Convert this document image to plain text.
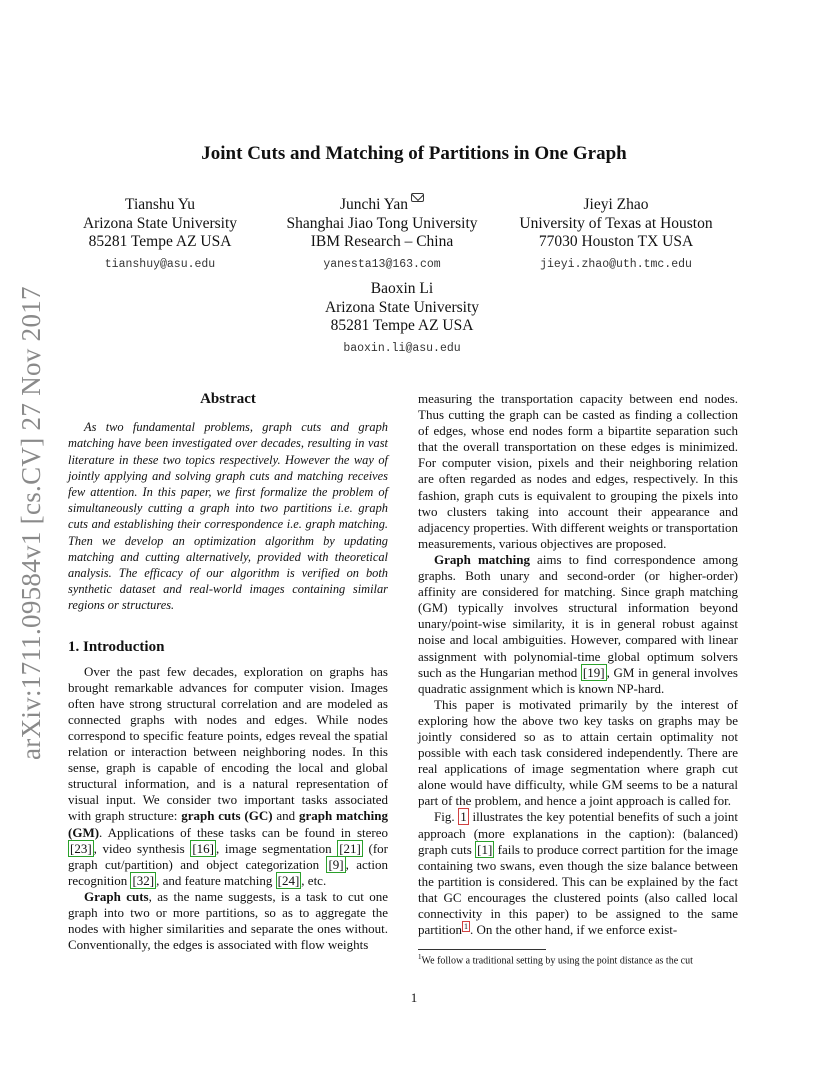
Joint Cuts and Matching of Partitions in One Graph
Tianshu Yu
Arizona State University
85281 Tempe AZ USA
tianshuy@asu.edu
Junchi Yan
Shanghai Jiao Tong University
IBM Research – China
yanesta13@163.com
Jieyi Zhao
University of Texas at Houston
77030 Houston TX USA
jieyi.zhao@uth.tmc.edu
Baoxin Li
Arizona State University
85281 Tempe AZ USA
baoxin.li@asu.edu
arXiv:1711.09584v1 [cs.CV] 27 Nov 2017	Abstract

As two fundamental problems, graph cuts and graph matching have been investigated over decades, resulting in vast literature in these two topics respectively. However the way of jointly applying and solving graph cuts and matching receives few attention. In this paper, we first formalize the problem of simultaneously cutting a graph into two partitions i.e. graph cuts and establishing their correspondence i.e. graph matching. Then we develop an optimization algorithm by updating matching and cutting alternatively, provided with theoretical analysis. The efficacy of our algorithm is verified on both synthetic dataset and real-world images containing similar regions or structures.

1. Introduction

Over the past few decades, exploration on graphs has brought remarkable advances for computer vision. Images often have strong structural correlation and are modeled as connected graphs with nodes and edges. While nodes correspond to specific feature points, edges reveal the spatial relation or interaction between neighboring nodes. In this sense, graph is capable of encoding the local and global structural information, and is a natural representation of visual input. We consider two important tasks associated with graph structure: graph cuts (GC) and graph matching (GM). Applications of these tasks can be found in stereo [23] , video synthesis [16] , image segmentation [21] (for graph cut/partition) and object categorization [9] , action recognition [32] , and feature matching [24] , etc.

Graph cuts, as the name suggests, is a task to cut one graph into two or more partitions, so as to aggregate the nodes with higher similarities and separate the ones without. Conventionally, the edges is associated with flow weights

measuring the transportation capacity between end nodes. Thus cutting the graph can be casted as finding a collection of edges, whose end nodes form a bipartite separation such that the overall transportation on these edges is minimized. For computer vision, pixels and their neighboring relation are often regarded as nodes and edges, respectively. In this fashion, graph cuts is equivalent to grouping the pixels into two clusters taking into account their appearance and adjacency properties. With different weights or transportation measurements, various objectives are proposed.

Graph matching aims to find correspondence among graphs. Both unary and second-order (or higher-order) affinity are considered for matching. Since graph matching (GM) typically involves structural information beyond unary/point-wise similarity, it is in general robust against noise and local ambiguities. However, compared with linear assignment with polynomial-time global optimum solvers such as the Hungarian method [19] , GM in general involves quadratic assignment which is known NP-hard.

This paper is motivated primarily by the interest of exploring how the above two key tasks on graphs may be jointly considered so as to attain certain optimality not possible with each task considered independently. There are real applications of image segmentation where graph cut alone would have difficulty, while GM seems to be a natural part of the problem, and hence a joint approach is called for.

Fig. 1 illustrates the key potential benefits of such a joint approach (more explanations in the caption): (balanced) graph cuts [1] fails to produce correct partition for the image containing two swans, even though the size balance between the partition is considered. This can be explained by the fact that GC encourages the clustered points (also called local connectivity in this paper) to be assigned to the same partition $^1$ . On the other hand, if we enforce exist-

$^1$We follow a traditional setting by using the point distance as the cut
1
